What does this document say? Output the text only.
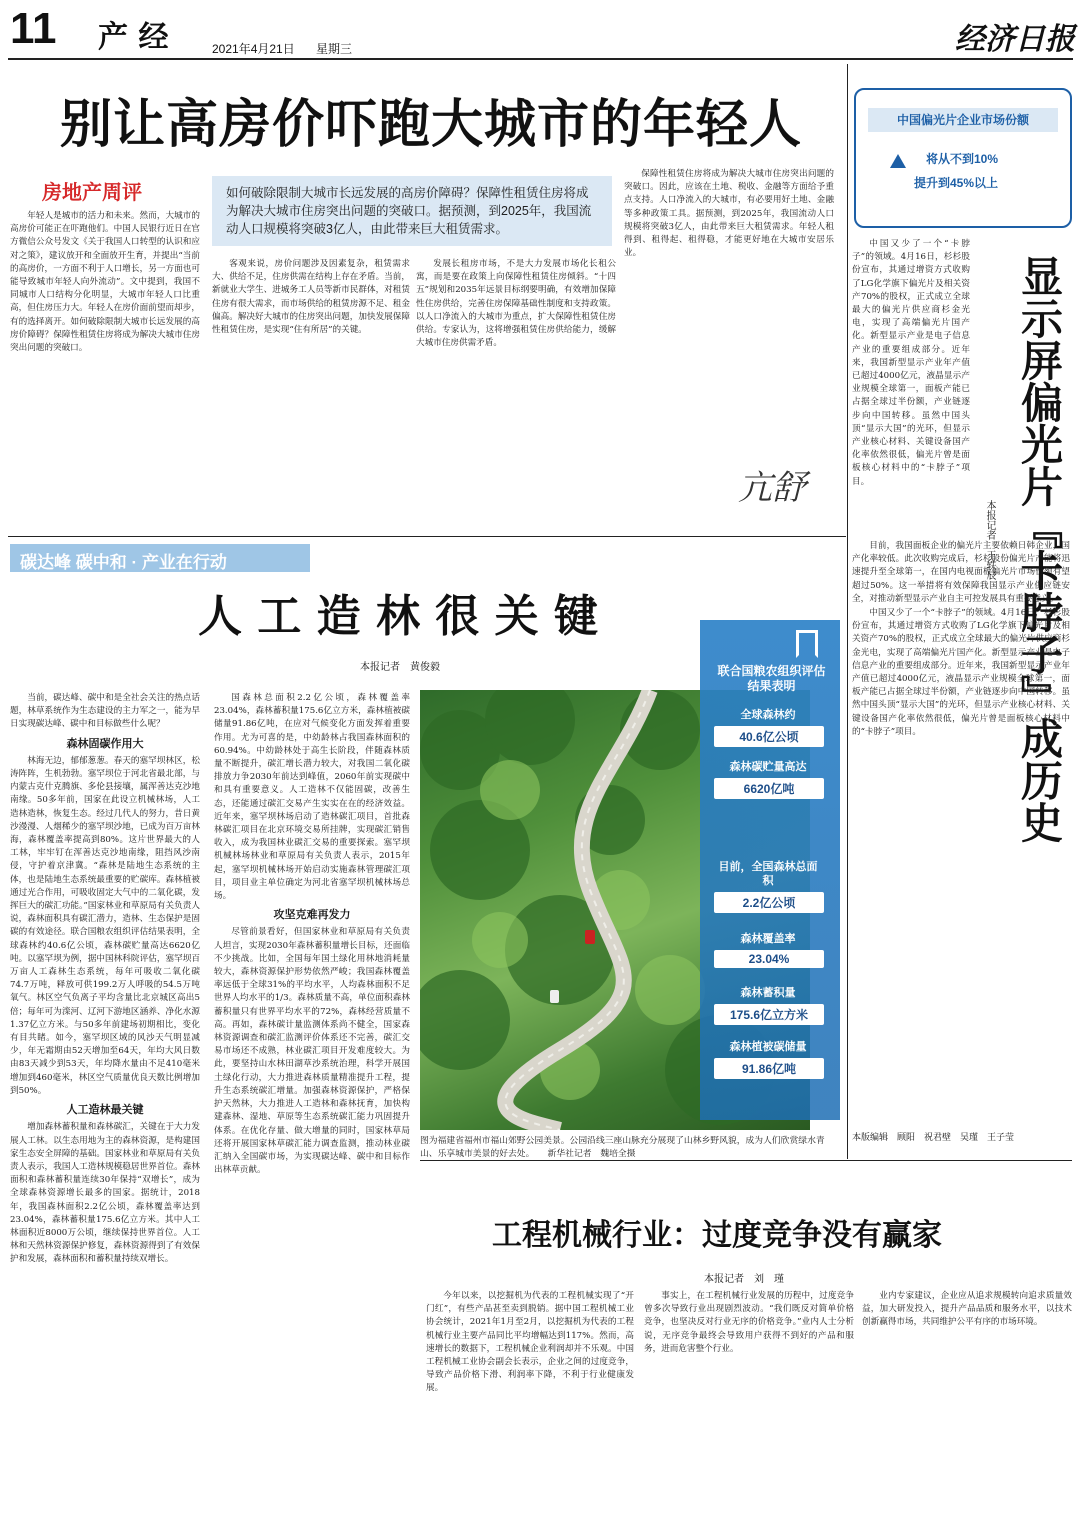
11 产 经	2021年4月21日 星期三	经济日报
别让高房价吓跑大城市的年轻人
房地产周评	如何破除限制大城市长远发展的高房价障碍？保障性租赁住房将成为解决大城市住房突出问题的突破口。据预测，到2025年，我国流动人口规模将突破3亿人，由此带来巨大租赁需求。

年轻人是城市的活力和未来。然而，大城市的高房价可能正在吓跑他们。中国人民银行近日在官方微信公众号发文《关于我国人口转型的认识和应对之策》，建议放开和全面放开生育，并提出“当前的高房价，一方面不利于人口增长，另一方面也可能导致城市年轻人向外流动”。文中提到，我国不同城市人口结构分化明显，大城市年轻人口比重高，但住房压力大。年轻人在房价面前望而却步，有的选择离开。如何破除限制大城市长远发展的高房价障碍？保障性租赁住房将成为解决大城市住房突出问题的突破口。

客观来说，房价问题涉及因素复杂，租赁需求大、供给不足，住房供需在结构上存在矛盾。当前，新就业大学生、进城务工人员等新市民群体，对租赁住房有很大需求，而市场供给的租赁房源不足、租金偏高。解决好大城市的住房突出问题，加快发展保障性租赁住房，是实现“住有所居”的关键。

发展长租房市场，不是大力发展市场化长租公寓，而是要在政策上向保障性租赁住房倾斜。“十四五”规划和2035年远景目标纲要明确，有效增加保障性住房供给，完善住房保障基础性制度和支持政策。以人口净流入的大城市为重点，扩大保障性租赁住房供给。专家认为，这将增强租赁住房供给能力，缓解大城市住房供需矛盾。

保障性租赁住房将成为解决大城市住房突出问题的突破口。因此，应该在土地、税收、金融等方面给予重点支持。人口净流入的大城市，有必要用好土地、金融等多种政策工具。据预测，到2025年，我国流动人口规模将突破3亿人，由此带来巨大租赁需求。年轻人租得到、租得起、租得稳，才能更好地在大城市安居乐业。

亢舒
碳达峰 碳中和 · 产业在行动
人 工 造 林 很 关 键
本报记者　黄俊毅

当前，碳达峰、碳中和是全社会关注的热点话题，林草系统作为生态建设的主力军之一，能为早日实现碳达峰、碳中和目标做些什么呢？

森林固碳作用大

林海无边，郁郁葱葱。春天的塞罕坝林区，松涛阵阵，生机勃勃。塞罕坝位于河北省最北部，与内蒙古克什克腾旗、多伦县接壤，属浑善达克沙地南缘。50多年前，国家在此设立机械林场，人工造林造林，恢复生态。经过几代人的努力，昔日黄沙漫漫、人烟稀少的塞罕坝沙地，已成为百万亩林海，森林覆盖率提高到80%。这片世界最大的人工林，牢牢钉在浑善达克沙地南缘，阻挡风沙南侵，守护着京津冀。“森林是陆地生态系统的主体，也是陆地生态系统最重要的贮碳库。森林植被通过光合作用，可吸收固定大气中的二氧化碳，发挥巨大的碳汇功能。”国家林业和草原局有关负责人说，森林面积具有碳汇潜力，造林、生态保护是固碳的有效途径。联合国粮农组织评估结果表明，全球森林约40.6亿公顷，森林碳贮量高达6620亿吨。以塞罕坝为例，据中国林科院评估，塞罕坝百万亩人工森林生态系统，每年可吸收二氧化碳74.7万吨，释放可供199.2万人呼吸的54.5万吨氧气。林区空气负离子平均含量比北京城区高出5倍；每年可为滦河、辽河下游地区涵养、净化水源1.37亿立方米。与50多年前建场初期相比，变化有目共睹。如今，塞罕坝区域的风沙天气明显减少，年无霜期由52天增加至64天，年均大风日数由83天减少到53天，年均降水量由不足410毫米增加到460毫米，林区空气质量优良天数比例增加到50%。

人工造林最关键

增加森林蓄积量和森林碳汇，关键在于大力发展人工林。以生态用地为主的森林资源，是构建国家生态安全屏障的基础。国家林业和草原局有关负责人表示，我国人工造林规模稳居世界首位。森林面积和森林蓄积量连续30年保持“双增长”，成为全球森林资源增长最多的国家。据统计，2018年，我国森林面积2.2亿公顷，森林覆盖率达到23.04%，森林蓄积量175.6亿立方米。其中人工林面积近8000万公顷，继续保持世界首位。人工林和天然林资源保护修复，森林资源得到了有效保护和发展，森林面积和蓄积量持续双增长。

国森林总面积2.2亿公顷，森林覆盖率23.04%，森林蓄积量175.6亿立方米，森林植被碳储量91.86亿吨，在应对气候变化方面发挥着重要作用。尤为可喜的是，中幼龄林占我国森林面积的60.94%。中幼龄林处于高生长阶段，伴随森林质量不断提升，碳汇增长潜力较大，对我国二氧化碳排放力争2030年前达到峰值，2060年前实现碳中和具有重要意义。人工造林不仅能固碳，改善生态，还能通过碳汇交易产生实实在在的经济效益。近年来，塞罕坝林场启动了造林碳汇项目，首批森林碳汇项目在北京环境交易所挂牌，实现碳汇销售收入，成为我国林业碳汇交易的重要探索。塞罕坝机械林场林业和草原局有关负责人表示，2015年起，塞罕坝机械林场开始启动实施森林管理碳汇项目，项目业主单位确定为河北省塞罕坝机械林场总场。

攻坚克难再发力

尽管前景看好，但国家林业和草原局有关负责人坦言，实现2030年森林蓄积量增长目标，还面临不少挑战。比如，全国每年国土绿化用林地消耗量较大，森林资源保护形势依然严峻；我国森林覆盖率远低于全球31%的平均水平，人均森林面积不足世界人均水平的1/3。森林质量不高，单位面积森林蓄积量只有世界平均水平的72%，森林经营质量不高。再如，森林碳计量监测体系尚不健全，国家森林资源调查和碳汇监测评价体系还不完善，碳汇交易市场还不成熟，林业碳汇项目开发难度较大。为此，要坚持山水林田湖草沙系统治理，科学开展国土绿化行动，大力推进森林质量精准提升工程，提升生态系统碳汇增量。加强森林资源保护，严格保护天然林，大力推进人工造林和森林抚育，加快构建森林、湿地、草原等生态系统碳汇能力巩固提升体系。在优化存量、做大增量的同时，国家林草局还将开展国家林草碳汇能力调查监测，推动林业碳汇纳入全国碳市场，为实现碳达峰、碳中和目标作出林草贡献。

联合国粮农组织评估结果表明
全球森林约
40.6亿公顷
森林碳贮量高达
6620亿吨
目前，全国森林总面积
2.2亿公顷
森林覆盖率
23.04%
森林蓄积量
175.6亿立方米
森林植被碳储量
91.86亿吨
图为福建省福州市福山郊野公园美景。公园沿线三座山脉充分展现了山林乡野风貌，成为人们欣赏绿水青山、乐享城市美景的好去处。　　新华社记者　魏培全摄
中国偏光片企业市场份额
将从不到10%
提升到45%以上

中国又少了一个“卡脖子”的领域。4月16日，杉杉股份宣布，其通过增资方式收购了LG化学旗下偏光片及相关资产70%的股权，正式成立全球最大的偏光片供应商杉金光电，实现了高端偏光片国产化。新型显示产业是电子信息产业的重要组成部分。近年来，我国新型显示产业年产值已超过4000亿元，液晶显示产业规模全球第一，面板产能已占据全球过半份额，产业链逐步向中国转移。虽然中国头顶“显示大国”的光环，但显示产业核心材料、关键设备国产化率依然很低，偏光片曾是面板核心材料中的“卡脖子”项目。	显示屏偏光片『卡脖子』成历史
本报记者　王轶辰

目前，我国面板企业的偏光片主要依赖日韩企业，国产化率较低。此次收购完成后，杉杉股份偏光片产能将迅速提升至全球第一，在国内电视面板偏光片市场份额有望超过50%。这一举措将有效保障我国显示产业供应链安全，对推动新型显示产业自主可控发展具有重要意义。

中国又少了一个“卡脖子”的领域。4月16日，杉杉股份宣布，其通过增资方式收购了LG化学旗下偏光片及相关资产70%的股权，正式成立全球最大的偏光片供应商杉金光电，实现了高端偏光片国产化。新型显示产业是电子信息产业的重要组成部分。近年来，我国新型显示产业年产值已超过4000亿元，液晶显示产业规模全球第一，面板产能已占据全球过半份额，产业链逐步向中国转移。虽然中国头顶“显示大国”的光环，但显示产业核心材料、关键设备国产化率依然很低，偏光片曾是面板核心材料中的“卡脖子”项目。

本版编辑　顾阳　祝君壁　吴瑾　王子莹
工程机械行业：过度竞争没有赢家
本报记者　刘　瑾

今年以来，以挖掘机为代表的工程机械实现了“开门红”，有些产品甚至卖到脱销。据中国工程机械工业协会统计，2021年1月至2月，以挖掘机为代表的工程机械行业主要产品同比平均增幅达到117%。然而，高速增长的数据下，工程机械企业利润却并不乐观。中国工程机械工业协会副会长表示，企业之间的过度竞争，导致产品价格下滑、利润率下降，不利于行业健康发展。

事实上，在工程机械行业发展的历程中，过度竞争曾多次导致行业出现剧烈波动。“我们既反对简单价格竞争，也坚决反对行业无序的价格竞争。”业内人士分析说，无序竞争最终会导致用户获得不到好的产品和服务，进而危害整个行业。

业内专家建议，企业应从追求规模转向追求质量效益，加大研发投入，提升产品品质和服务水平，以技术创新赢得市场，共同维护公平有序的市场环境。
